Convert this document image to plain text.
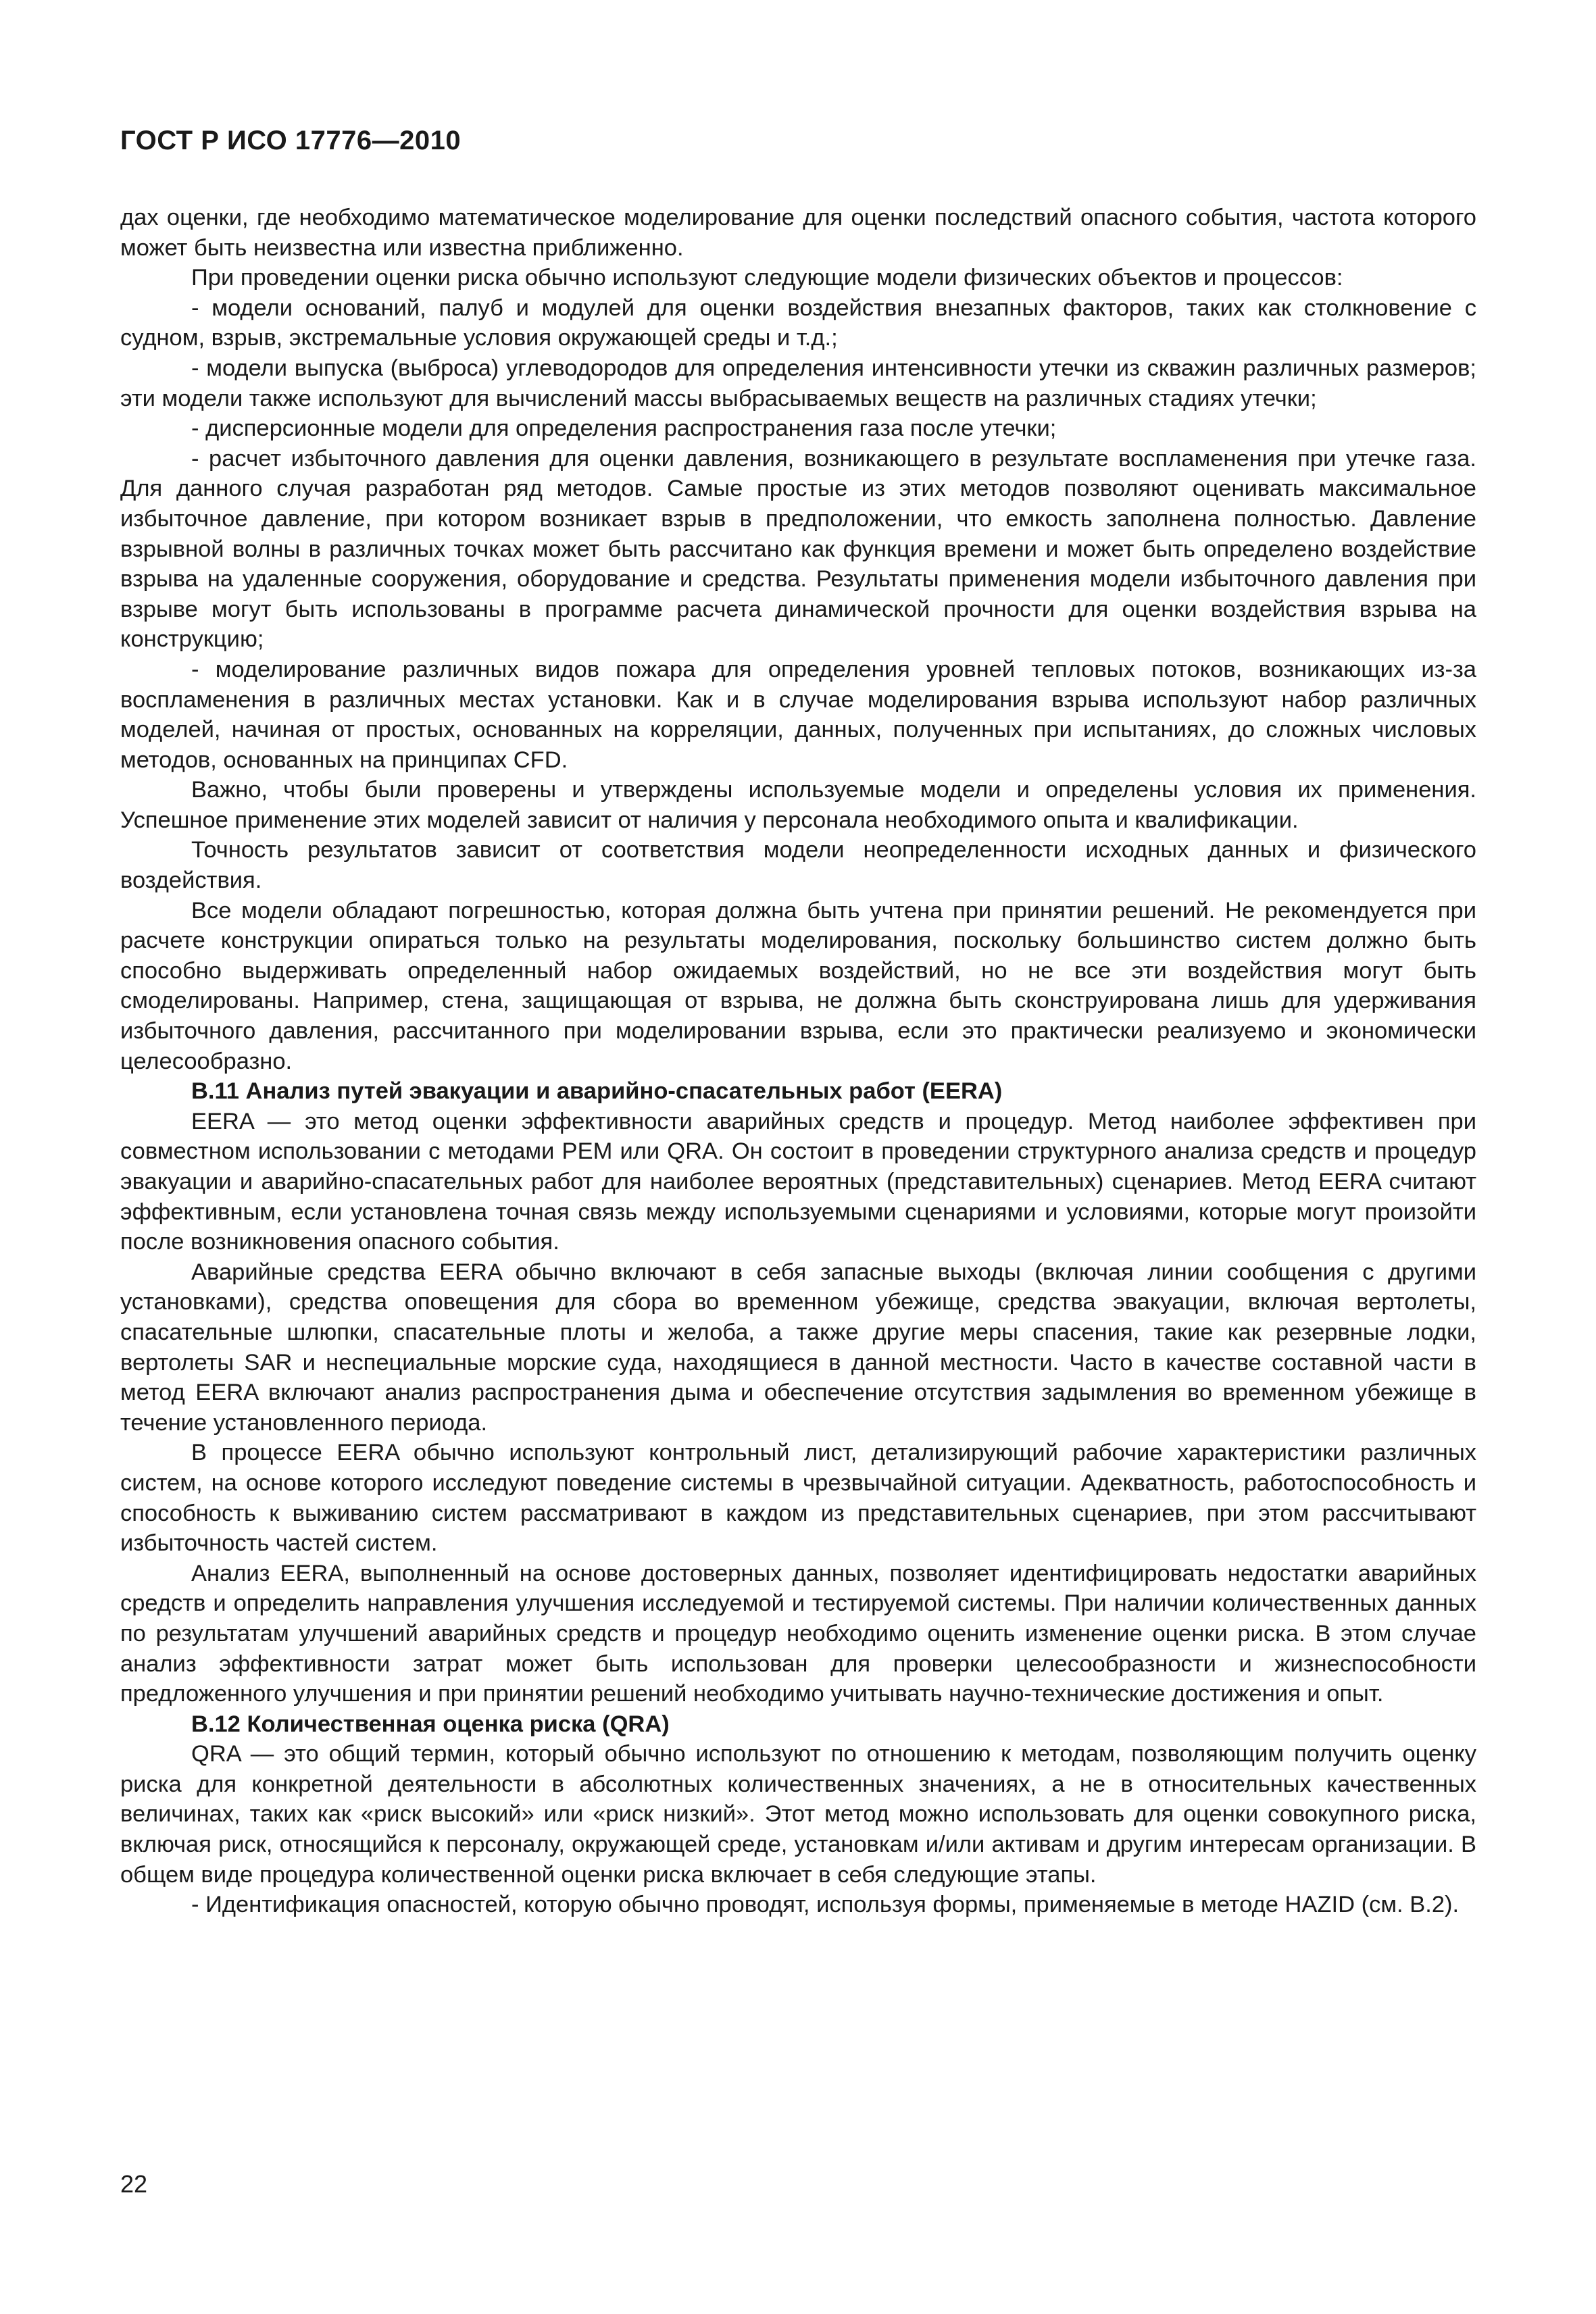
ГОСТ Р ИСО 17776—2010

дах оценки, где необходимо математическое моделирование для оценки последствий опасного события, частота которого может быть неизвестна или известна приближенно.

При проведении оценки риска обычно используют следующие модели физических объектов и процессов:

- модели оснований, палуб и модулей для оценки воздействия внезапных факторов, таких как столкновение с судном, взрыв, экстремальные условия окружающей среды и т.д.;

- модели выпуска (выброса) углеводородов для определения интенсивности утечки из скважин различных размеров; эти модели также используют для вычислений массы выбрасываемых веществ на различных стадиях утечки;

- дисперсионные модели для определения распространения газа после утечки;

- расчет избыточного давления для оценки давления, возникающего в результате воспламенения при утечке газа. Для данного случая разработан ряд методов. Самые простые из этих методов позволяют оценивать максимальное избыточное давление, при котором возникает взрыв в предположении, что емкость заполнена полностью. Давление взрывной волны в различных точках может быть рассчитано как функция времени и может быть определено воздействие взрыва на удаленные сооружения, оборудование и средства. Результаты применения модели избыточного давления при взрыве могут быть использованы в программе расчета динамической прочности для оценки воздействия взрыва на конструкцию;

- моделирование различных видов пожара для определения уровней тепловых потоков, возникающих из-за воспламенения в различных местах установки. Как и в случае моделирования взрыва используют набор различных моделей, начиная от простых, основанных на корреляции, данных, полученных при испытаниях, до сложных числовых методов, основанных на принципах CFD.

Важно, чтобы были проверены и утверждены используемые модели и определены условия их применения. Успешное применение этих моделей зависит от наличия у персонала необходимого опыта и квалификации.

Точность результатов зависит от соответствия модели неопределенности исходных данных и физического воздействия.

Все модели обладают погрешностью, которая должна быть учтена при принятии решений. Не рекомендуется при расчете конструкции опираться только на результаты моделирования, поскольку большинство систем должно быть способно выдерживать определенный набор ожидаемых воздействий, но не все эти воздействия могут быть смоделированы. Например, стена, защищающая от взрыва, не должна быть сконструирована лишь для удерживания избыточного давления, рассчитанного при моделировании взрыва, если это практически реализуемо и экономически целесообразно.

В.11 Анализ путей эвакуации и аварийно-спасательных работ (EERA)

EERA — это метод оценки эффективности аварийных средств и процедур. Метод наиболее эффективен при совместном использовании с методами PEM или QRA. Он состоит в проведении структурного анализа средств и процедур эвакуации и аварийно-спасательных работ для наиболее вероятных (представительных) сценариев. Метод EERA считают эффективным, если установлена точная связь между используемыми сценариями и условиями, которые могут произойти после возникновения опасного события.

Аварийные средства EERA обычно включают в себя запасные выходы (включая линии сообщения с другими установками), средства оповещения для сбора во временном убежище, средства эвакуации, включая вертолеты, спасательные шлюпки, спасательные плоты и желоба, а также другие меры спасения, такие как резервные лодки, вертолеты SAR и неспециальные морские суда, находящиеся в данной местности. Часто в качестве составной части в метод EERA включают анализ распространения дыма и обеспечение отсутствия задымления во временном убежище в течение установленного периода.

В процессе EERA обычно используют контрольный лист, детализирующий рабочие характеристики различных систем, на основе которого исследуют поведение системы в чрезвычайной ситуации. Адекватность, работоспособность и способность к выживанию систем рассматривают в каждом из представительных сценариев, при этом рассчитывают избыточность частей систем.

Анализ EERA, выполненный на основе достоверных данных, позволяет идентифицировать недостатки аварийных средств и определить направления улучшения исследуемой и тестируемой системы. При наличии количественных данных по результатам улучшений аварийных средств и процедур необходимо оценить изменение оценки риска. В этом случае анализ эффективности затрат может быть использован для проверки целесообразности и жизнеспособности предложенного улучшения и при принятии решений необходимо учитывать научно-технические достижения и опыт.

В.12 Количественная оценка риска (QRA)

QRA — это общий термин, который обычно используют по отношению к методам, позволяющим получить оценку риска для конкретной деятельности в абсолютных количественных значениях, а не в относительных качественных величинах, таких как «риск высокий» или «риск низкий». Этот метод можно использовать для оценки совокупного риска, включая риск, относящийся к персоналу, окружающей среде, установкам и/или активам и другим интересам организации. В общем виде процедура количественной оценки риска включает в себя следующие этапы.

- Идентификация опасностей, которую обычно проводят, используя формы, применяемые в методе HAZID (см. В.2).

22
